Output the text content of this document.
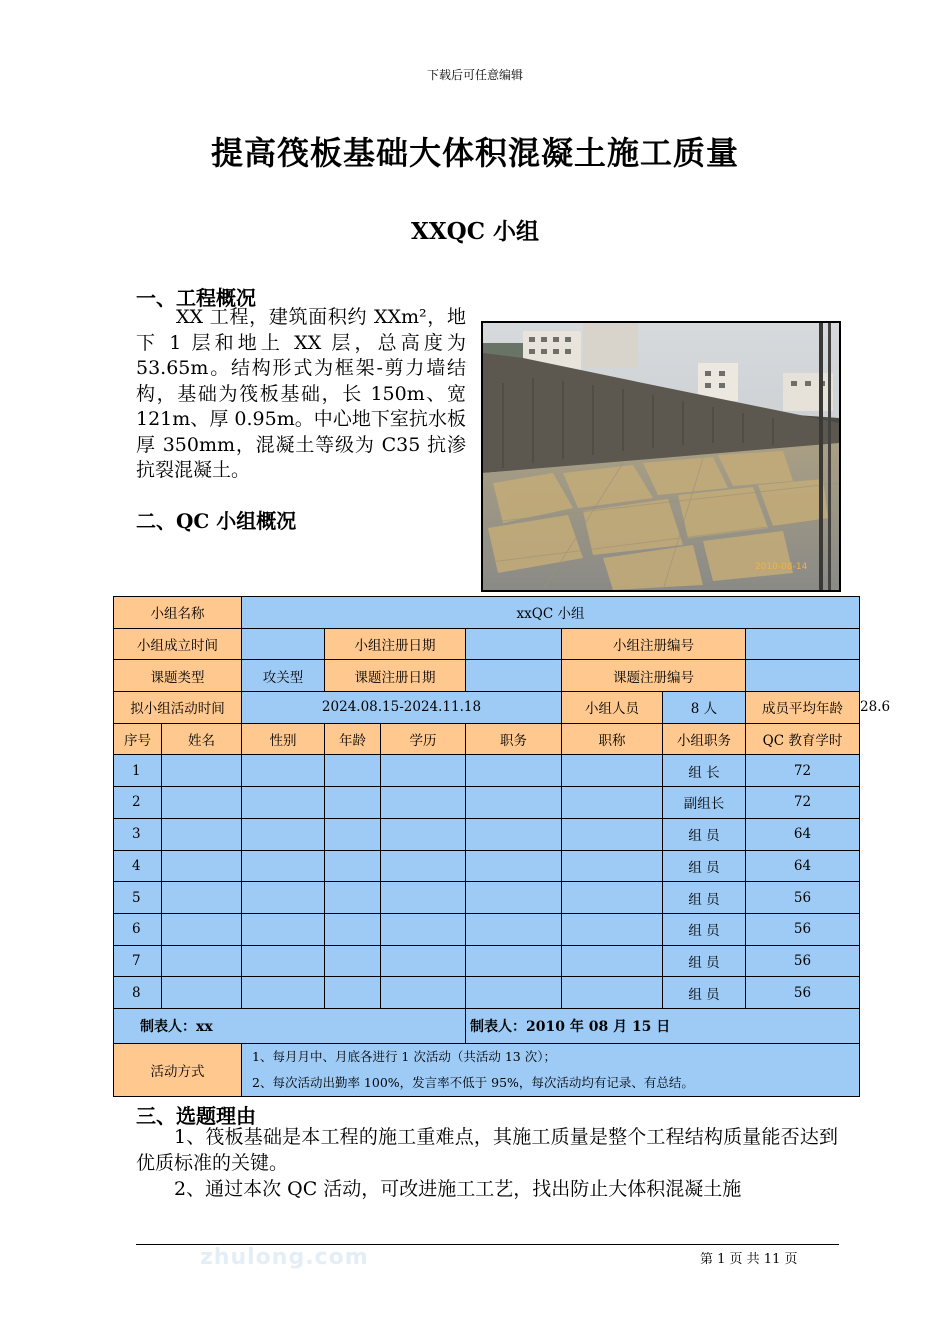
下载后可任意编辑
提高筏板基础大体积混凝土施工质量
XXQC 小组
一、工程概况
XX 工程，建筑面积约 XXm²，地下 1 层和地上 XX 层，总高度为 53.65m。结构形式为框架-剪力墙结构，基础为筏板基础，长 150m、宽 121m、厚 0.95m。中心地下室抗水板厚 350mm，混凝土等级为 C35 抗渗抗裂混凝土。
二、QC 小组概况
2010-08-14
小组名称		xxQC 小组							
小组成立时间			小组注册日期			小组注册编号			
课题类型		攻关型	课题注册日期			课题注册编号			
拟小组活动时间		2024.08.15-2024.11.18				小组人员	8 人	成员平均年龄	28.6
序号	姓名	性别	年龄	学历	职务	职称	小组职务	QC 教育学时	
1							组 长	72	
2							副组长	72	
3							组 员	64	
4							组 员	64	
5							组 员	56	
6							组 员	56	
7							组 员	56	
8							组 员	56	
制表人：xx					制表人：2010 年 08 月 15 日				
活动方式		1、每月月中、月底各进行 1 次活动（共活动 13 次）；
2、每次活动出勤率 100%，发言率不低于 95%，每次活动均有记录、有总结。							
三、选题理由

1、筏板基础是本工程的施工重难点，其施工质量是整个工程结构质量能否达到优质标准的关键。

2、通过本次 QC 活动，可改进施工工艺，找出防止大体积混凝土施

zhulong.com	第 1 页 共 11 页
